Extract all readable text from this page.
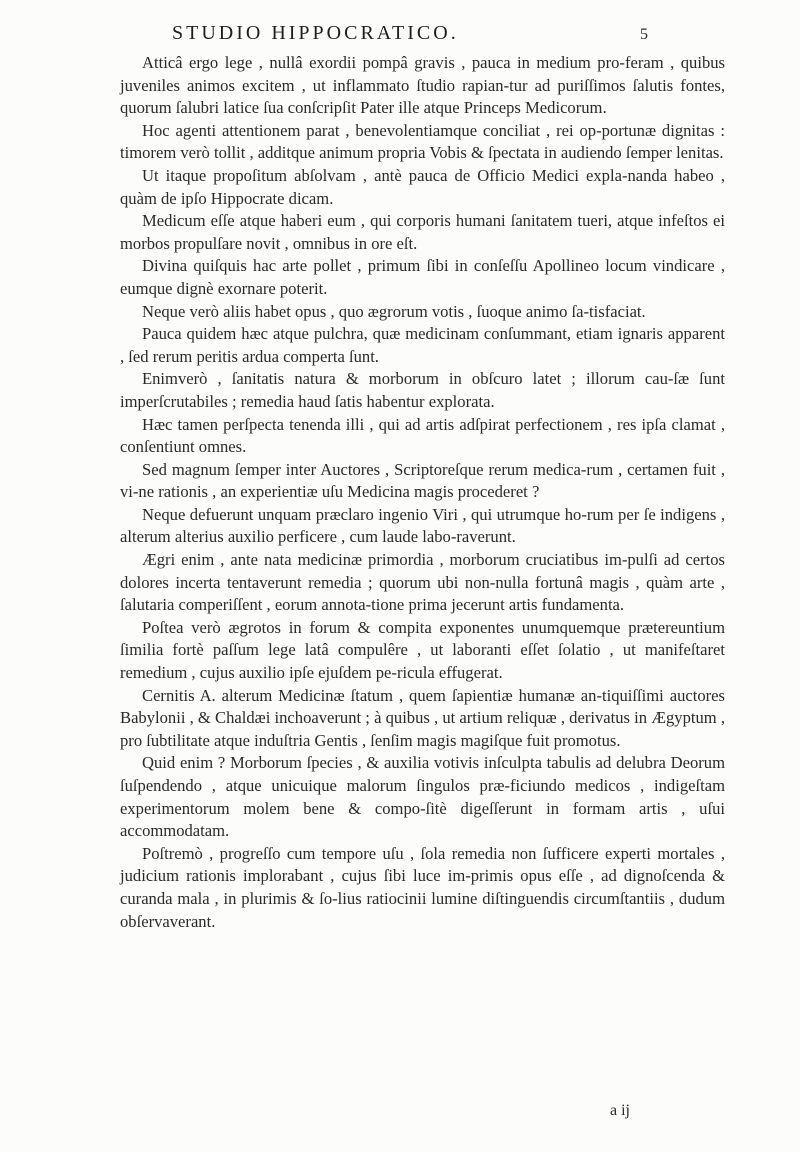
STUDIO HIPPOCRATICO.	5

Atticâ ergo lege , nullâ exordii pompâ gravis , pauca in medium pro-feram , quibus juveniles animos excitem , ut inflammato ſtudio rapian-tur ad puriſſimos ſalutis fontes, quorum ſalubri latice ſua conſcripſit Pater ille atque Princeps Medicorum.

Hoc agenti attentionem parat , benevolentiamque conciliat , rei op-portunæ dignitas : timorem verò tollit , additque animum propria Vobis & ſpectata in audiendo ſemper lenitas.

Ut itaque propoſitum abſolvam , antè pauca de Officio Medici expla-nanda habeo , quàm de ipſo Hippocrate dicam.

Medicum eſſe atque haberi eum , qui corporis humani ſanitatem tueri, atque infeſtos ei morbos propulſare novit , omnibus in ore eſt.

Divina quiſquis hac arte pollet , primum ſibi in conſeſſu Apollineo locum vindicare , eumque dignè exornare poterit.

Neque verò aliis habet opus , quo ægrorum votis , ſuoque animo ſa-tisfaciat.

Pauca quidem hæc atque pulchra, quæ medicinam conſummant, etiam ignaris apparent , ſed rerum peritis ardua comperta ſunt.

Enimverò , ſanitatis natura & morborum in obſcuro latet ; illorum cau-ſæ ſunt imperſcrutabiles ; remedia haud ſatis habentur explorata.

Hæc tamen perſpecta tenenda illi , qui ad artis adſpirat perfectionem , res ipſa clamat , conſentiunt omnes.

Sed magnum ſemper inter Auctores , Scriptoreſque rerum medica-rum , certamen fuit , vi-ne rationis , an experientiæ uſu Medicina magis procederet ?

Neque defuerunt unquam præclaro ingenio Viri , qui utrumque ho-rum per ſe indigens , alterum alterius auxilio perficere , cum laude labo-raverunt.

Ægri enim , ante nata medicinæ primordia , morborum cruciatibus im-pulſi ad certos dolores incerta tentaverunt remedia ; quorum ubi non-nulla fortunâ magis , quàm arte , ſalutaria comperiſſent , eorum annota-tione prima jecerunt artis fundamenta.

Poſtea verò ægrotos in forum & compita exponentes unumquemque prætereuntium ſimilia fortè paſſum lege latâ compulêre , ut laboranti eſſet ſolatio , ut manifeſtaret remedium , cujus auxilio ipſe ejuſdem pe-ricula effugerat.

Cernitis A. alterum Medicinæ ſtatum , quem ſapientiæ humanæ an-tiquiſſimi auctores Babylonii , & Chaldæi inchoaverunt ; à quibus , ut artium reliquæ , derivatus in Ægyptum , pro ſubtilitate atque induſtria Gentis , ſenſim magis magiſque fuit promotus.

Quid enim ? Morborum ſpecies , & auxilia votivis inſculpta tabulis ad delubra Deorum ſuſpendendo , atque unicuique malorum ſingulos præ-ficiundo medicos , indigeſtam experimentorum molem bene & compo-ſitè digeſſerunt in formam artis , uſui accommodatam.

Poſtremò , progreſſo cum tempore uſu , ſola remedia non ſufficere experti mortales , judicium rationis implorabant , cujus ſibi luce im-primis opus eſſe , ad dignoſcenda & curanda mala , in plurimis & ſo-lius ratiocinii lumine diſtinguendis circumſtantiis , dudum obſervaverant.

a ij
